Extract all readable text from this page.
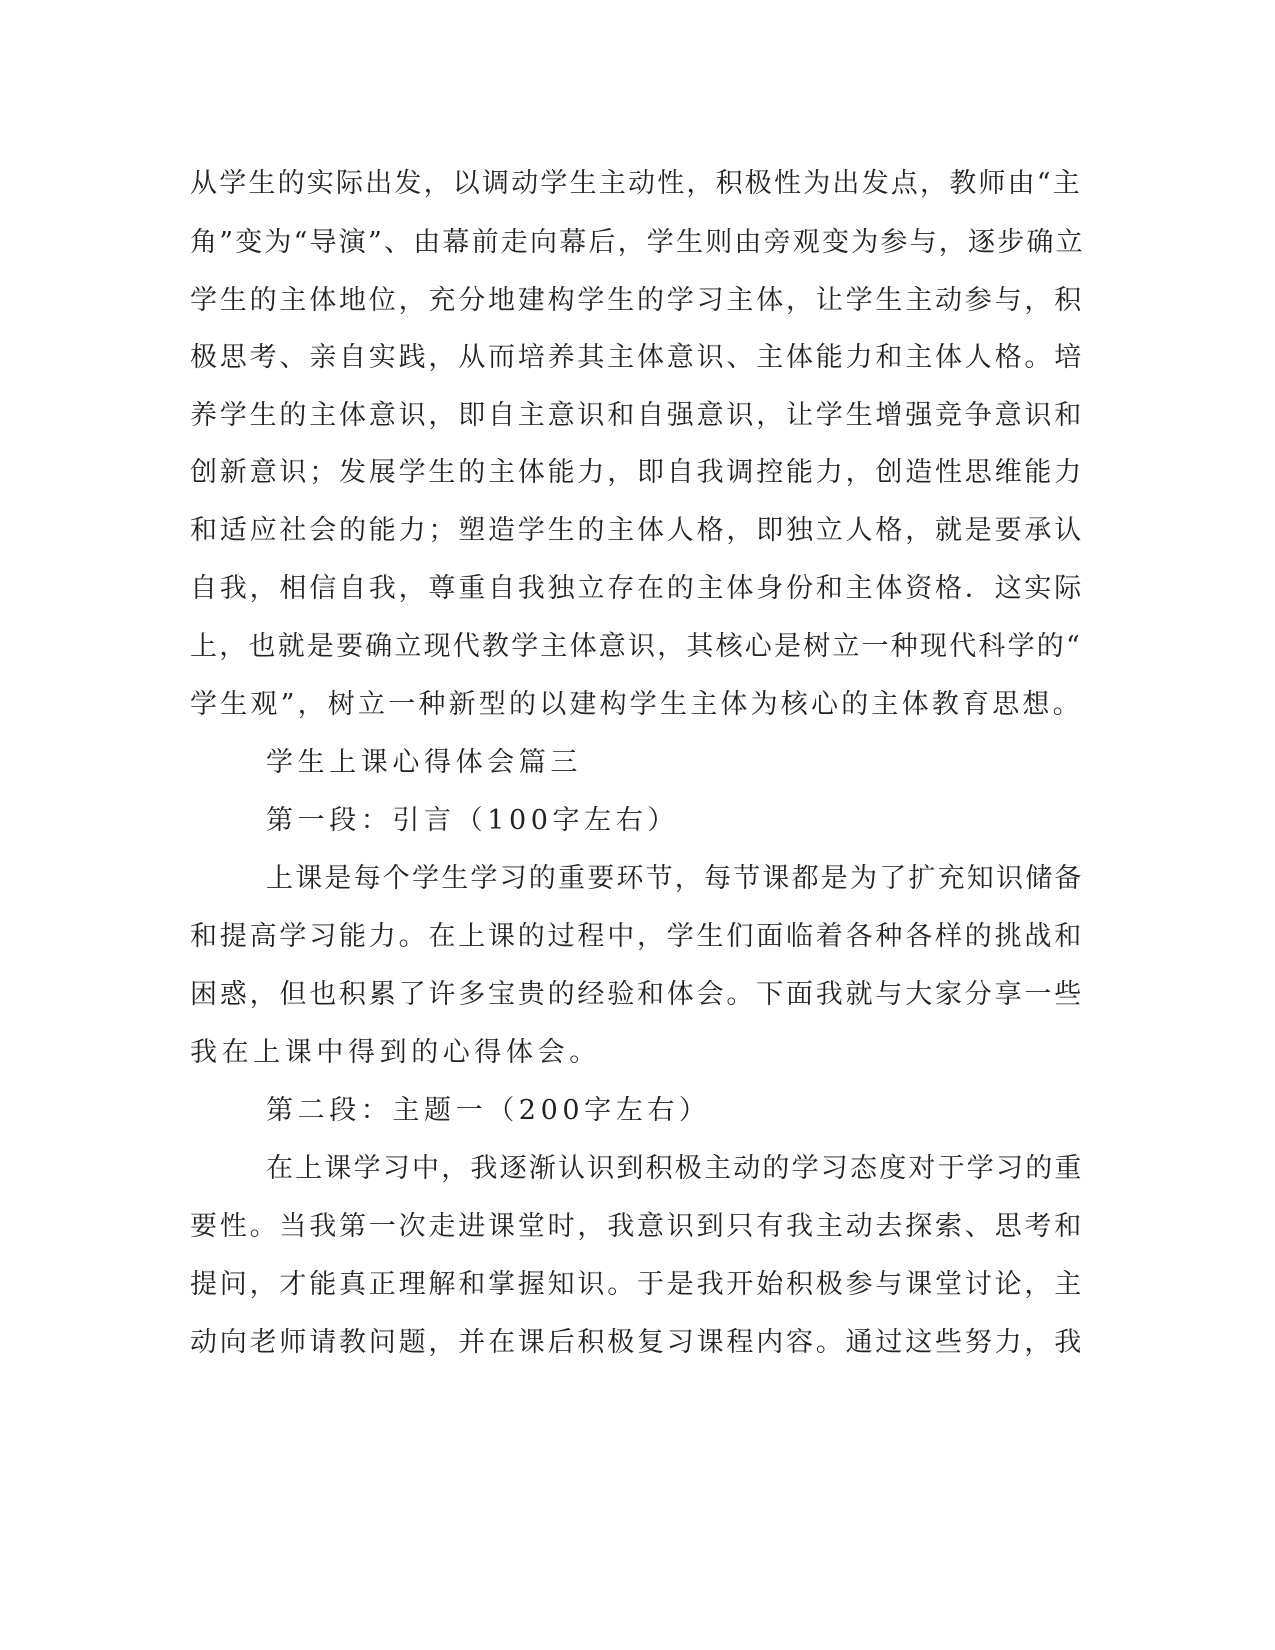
从学生的实际出发，以调动学生主动性，积极性为出发点，教师由“主
角”变为“导演”、由幕前走向幕后，学生则由旁观变为参与，逐步确立
学生的主体地位，充分地建构学生的学习主体，让学生主动参与，积
极思考、亲自实践，从而培养其主体意识、主体能力和主体人格。培
养学生的主体意识，即自主意识和自强意识，让学生增强竞争意识和
创新意识；发展学生的主体能力，即自我调控能力，创造性思维能力
和适应社会的能力；塑造学生的主体人格，即独立人格，就是要承认
自我，相信自我，尊重自我独立存在的主体身份和主体资格．这实际
上，也就是要确立现代教学主体意识，其核心是树立一种现代科学的“
学生观”，树立一种新型的以建构学生主体为核心的主体教育思想。
学生上课心得体会篇三
第一段：引言（100字左右）
上课是每个学生学习的重要环节，每节课都是为了扩充知识储备
和提高学习能力。在上课的过程中，学生们面临着各种各样的挑战和
困惑，但也积累了许多宝贵的经验和体会。下面我就与大家分享一些
我在上课中得到的心得体会。
第二段：主题一（200字左右）
在上课学习中，我逐渐认识到积极主动的学习态度对于学习的重
要性。当我第一次走进课堂时，我意识到只有我主动去探索、思考和
提问，才能真正理解和掌握知识。于是我开始积极参与课堂讨论，主
动向老师请教问题，并在课后积极复习课程内容。通过这些努力，我
